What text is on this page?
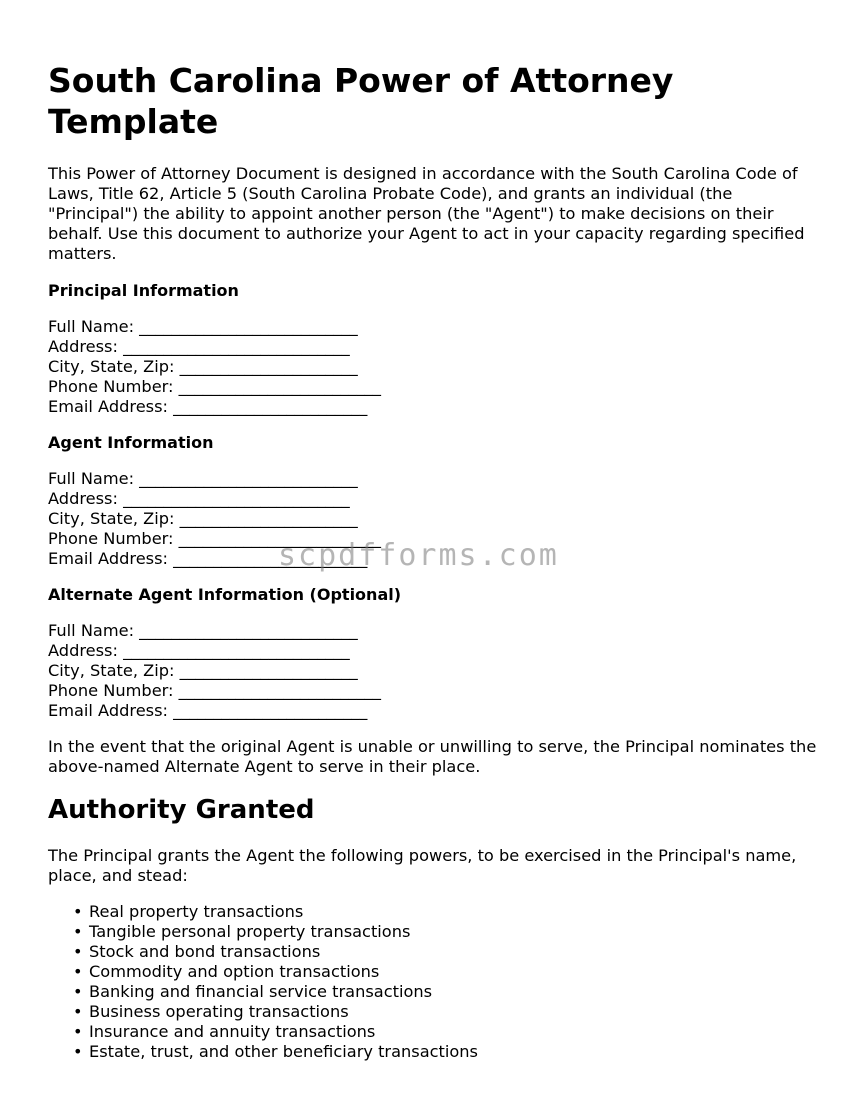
South Carolina Power of Attorney Template

This Power of Attorney Document is designed in accordance with the South Carolina Code of Laws, Title 62, Article 5 (South Carolina Probate Code), and grants an individual (the "Principal") the ability to appoint another person (the "Agent") to make decisions on their behalf. Use this document to authorize your Agent to act in your capacity regarding specified matters.

Principal Information
Full Name: ___________________________
Address: ____________________________
City, State, Zip: ______________________
Phone Number: _________________________
Email Address: ________________________
Agent Information
Full Name: ___________________________
Address: ____________________________
City, State, Zip: ______________________
Phone Number: _________________________
Email Address: ________________________
Alternate Agent Information (Optional)
Full Name: ___________________________
Address: ____________________________
City, State, Zip: ______________________
Phone Number: _________________________
Email Address: ________________________

In the event that the original Agent is unable or unwilling to serve, the Principal nominates the above-named Alternate Agent to serve in their place.

Authority Granted

The Principal grants the Agent the following powers, to be exercised in the Principal's name, place, and stead:

• Real property transactions
• Tangible personal property transactions
• Stock and bond transactions
• Commodity and option transactions
• Banking and financial service transactions
• Business operating transactions
• Insurance and annuity transactions
• Estate, trust, and other beneficiary transactions
scpdfforms.com
